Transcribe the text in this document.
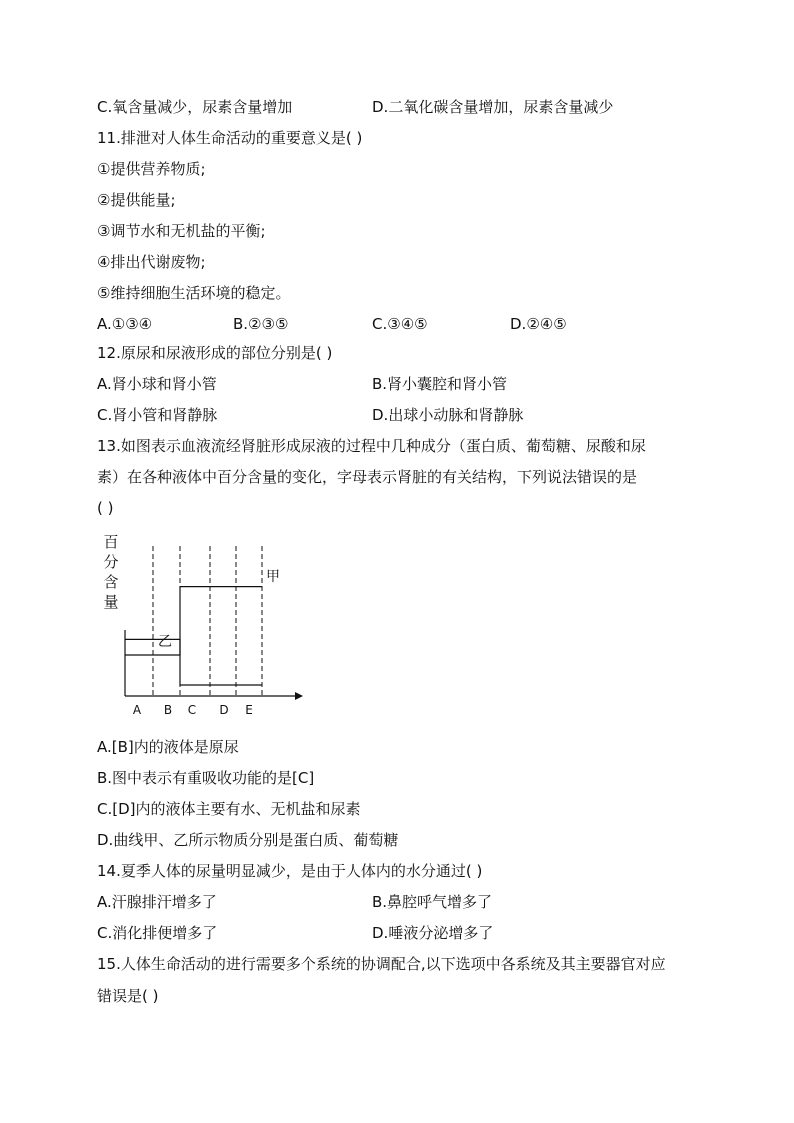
C.氧含量减少，尿素含量增加	D.二氧化碳含量增加，尿素含量减少
11.排泄对人体生命活动的重要意义是( )
①提供营养物质;
②提供能量;
③调节水和无机盐的平衡;
④排出代谢废物;
⑤维持细胞生活环境的稳定。
A.①③④	B.②③⑤	C.③④⑤	D.②④⑤
12.原尿和尿液形成的部位分别是( )
A.肾小球和肾小管	B.肾小囊腔和肾小管
C.肾小管和肾静脉	D.出球小动脉和肾静脉
13.如图表示血液流经肾脏形成尿液的过程中几种成分（蛋白质、葡萄糖、尿酸和尿
素）在各种液体中百分含量的变化，字母表示肾脏的有关结构，下列说法错误的是
( )
百
分
含
量
A B C D E
甲
乙
A.[B]内的液体是原尿
B.图中表示有重吸收功能的是[C]
C.[D]内的液体主要有水、无机盐和尿素
D.曲线甲、乙所示物质分别是蛋白质、葡萄糖
14.夏季人体的尿量明显减少，是由于人体内的水分通过( )
A.汗腺排汗增多了	B.鼻腔呼气增多了
C.消化排便增多了	D.唾液分泌增多了
15.人体生命活动的进行需要多个系统的协调配合,以下选项中各系统及其主要器官对应
错误是( )
